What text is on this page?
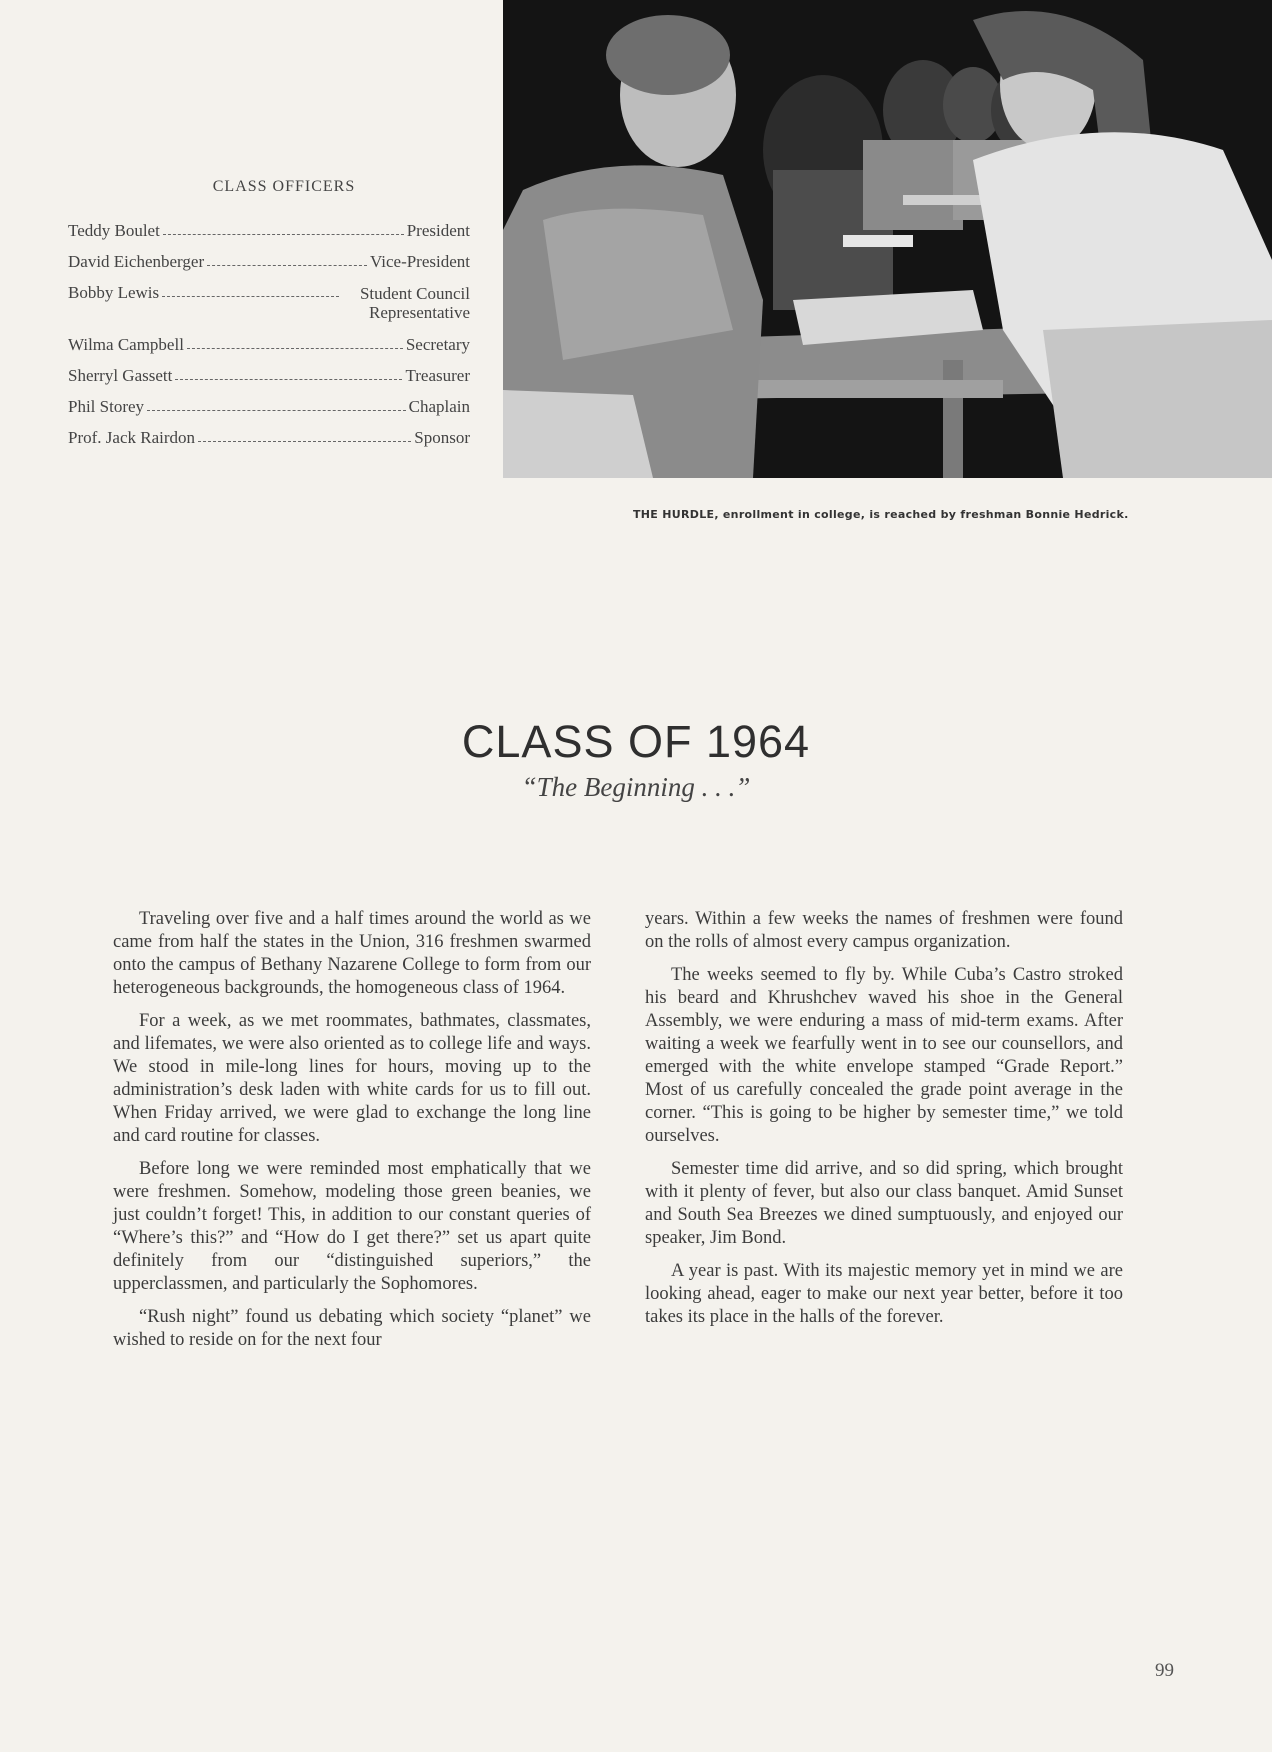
CLASS OFFICERS
Teddy Boulet	President
David Eichenberger	Vice-President
Bobby Lewis	Student Council Representative
Wilma Campbell	Secretary
Sherryl Gassett	Treasurer
Phil Storey	Chaplain
Prof. Jack Rairdon	Sponsor
THE HURDLE, enrollment in college, is reached by freshman Bonnie Hedrick.
CLASS OF 1964
“The Beginning . . .”

Traveling over five and a half times around the world as we came from half the states in the Union, 316 freshmen swarmed onto the campus of Bethany Nazarene College to form from our heterogeneous backgrounds, the homogeneous class of 1964.

For a week, as we met roommates, bathmates, classmates, and lifemates, we were also oriented as to college life and ways. We stood in mile-long lines for hours, moving up to the administration’s desk laden with white cards for us to fill out. When Friday arrived, we were glad to exchange the long line and card routine for classes.

Before long we were reminded most emphatically that we were freshmen. Somehow, modeling those green beanies, we just couldn’t forget! This, in addition to our constant queries of “Where’s this?” and “How do I get there?” set us apart quite definitely from our “distinguished superiors,” the upperclassmen, and particularly the Sophomores.

“Rush night” found us debating which society “planet” we wished to reside on for the next four

years. Within a few weeks the names of freshmen were found on the rolls of almost every campus organization.

The weeks seemed to fly by. While Cuba’s Castro stroked his beard and Khrushchev waved his shoe in the General Assembly, we were enduring a mass of mid-term exams. After waiting a week we fearfully went in to see our counsellors, and emerged with the white envelope stamped “Grade Report.” Most of us carefully concealed the grade point average in the corner. “This is going to be higher by semester time,” we told ourselves.

Semester time did arrive, and so did spring, which brought with it plenty of fever, but also our class banquet. Amid Sunset and South Sea Breezes we dined sumptuously, and enjoyed our speaker, Jim Bond.

A year is past. With its majestic memory yet in mind we are looking ahead, eager to make our next year better, before it too takes its place in the halls of the forever.

99
